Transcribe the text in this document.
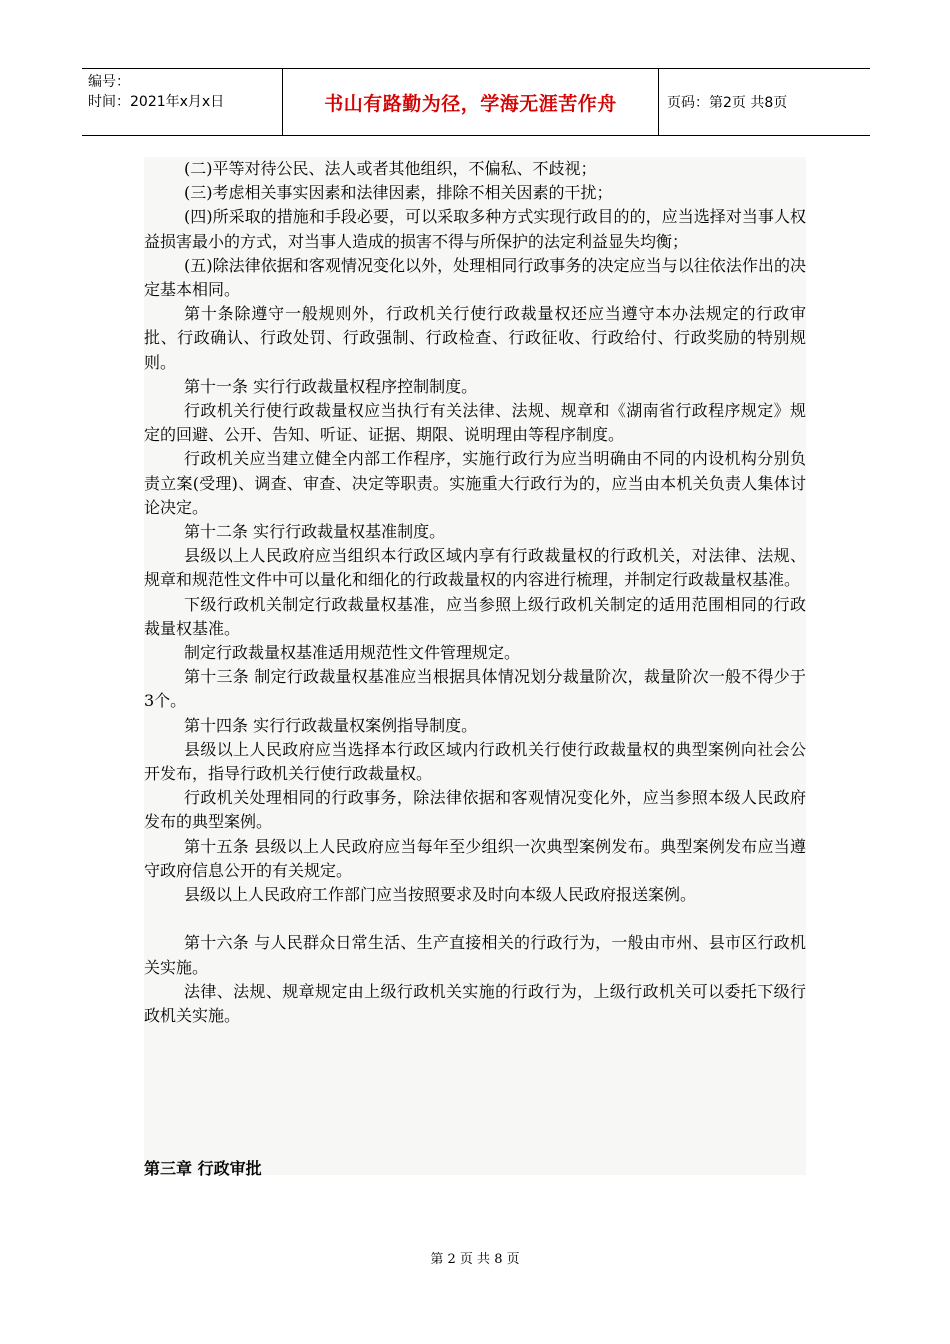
编号：
时间：2021年x月x日	书山有路勤为径，学海无涯苦作舟	页码：第2页 共8页

(二)平等对待公民、法人或者其他组织，不偏私、不歧视；

(三)考虑相关事实因素和法律因素，排除不相关因素的干扰；

(四)所采取的措施和手段必要，可以采取多种方式实现行政目的的，应当选择对当事人权益损害最小的方式，对当事人造成的损害不得与所保护的法定利益显失均衡；

(五)除法律依据和客观情况变化以外，处理相同行政事务的决定应当与以往依法作出的决定基本相同。

第十条除遵守一般规则外，行政机关行使行政裁量权还应当遵守本办法规定的行政审批、行政确认、行政处罚、行政强制、行政检查、行政征收、行政给付、行政奖励的特别规则。

第十一条 实行行政裁量权程序控制制度。

行政机关行使行政裁量权应当执行有关法律、法规、规章和《湖南省行政程序规定》规定的回避、公开、告知、听证、证据、期限、说明理由等程序制度。

行政机关应当建立健全内部工作程序，实施行政行为应当明确由不同的内设机构分别负责立案(受理)、调查、审查、决定等职责。实施重大行政行为的，应当由本机关负责人集体讨论决定。

第十二条 实行行政裁量权基准制度。

县级以上人民政府应当组织本行政区域内享有行政裁量权的行政机关，对法律、法规、规章和规范性文件中可以量化和细化的行政裁量权的内容进行梳理，并制定行政裁量权基准。

下级行政机关制定行政裁量权基准，应当参照上级行政机关制定的适用范围相同的行政裁量权基准。

制定行政裁量权基准适用规范性文件管理规定。

第十三条 制定行政裁量权基准应当根据具体情况划分裁量阶次，裁量阶次一般不得少于3个。

第十四条 实行行政裁量权案例指导制度。

县级以上人民政府应当选择本行政区域内行政机关行使行政裁量权的典型案例向社会公开发布，指导行政机关行使行政裁量权。

行政机关处理相同的行政事务，除法律依据和客观情况变化外，应当参照本级人民政府发布的典型案例。

第十五条 县级以上人民政府应当每年至少组织一次典型案例发布。典型案例发布应当遵守政府信息公开的有关规定。

县级以上人民政府工作部门应当按照要求及时向本级人民政府报送案例。

第十六条 与人民群众日常生活、生产直接相关的行政行为，一般由市州、县市区行政机关实施。

法律、法规、规章规定由上级行政机关实施的行政行为，上级行政机关可以委托下级行政机关实施。

第三章 行政审批
第 2 页 共 8 页
